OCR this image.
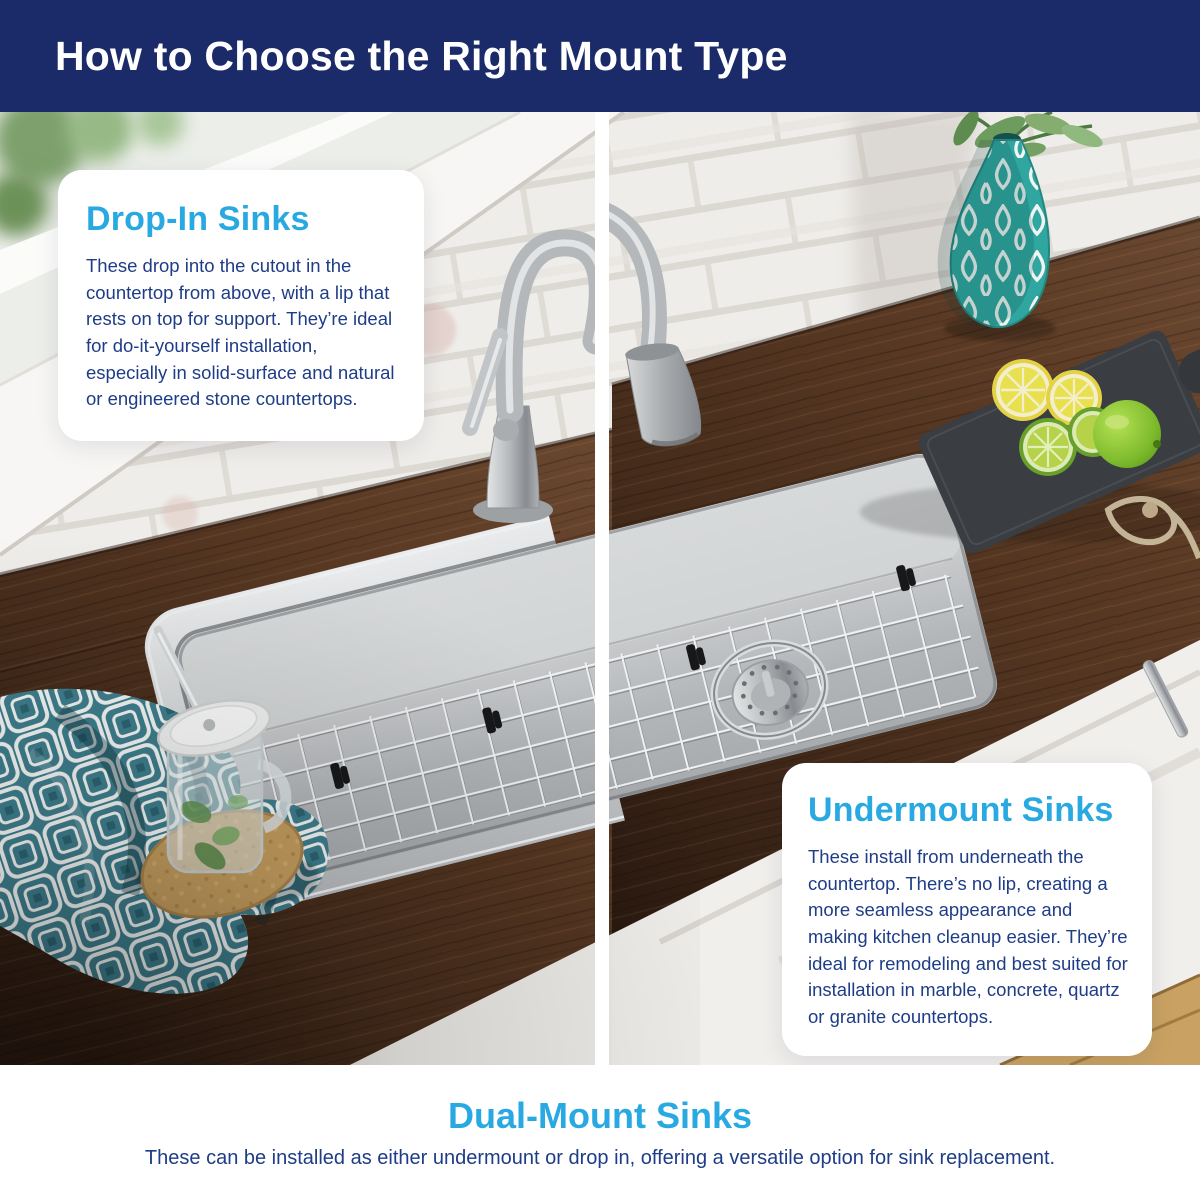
How to Choose the Right Mount Type
Drop-In Sinks

These drop into the cutout in the countertop from above, with a lip that rests on top for support. They’re ideal for do-it-yourself installation, especially in solid-surface and natural or engineered stone countertops.

Undermount Sinks

These install from underneath the countertop. There’s no lip, creating a more seamless appearance and making kitchen cleanup easier. They’re ideal for remodeling and best suited for installation in marble, concrete, quartz or granite countertops.

Dual-Mount Sinks

These can be installed as either undermount or drop in, offering a versatile option for sink replacement.
